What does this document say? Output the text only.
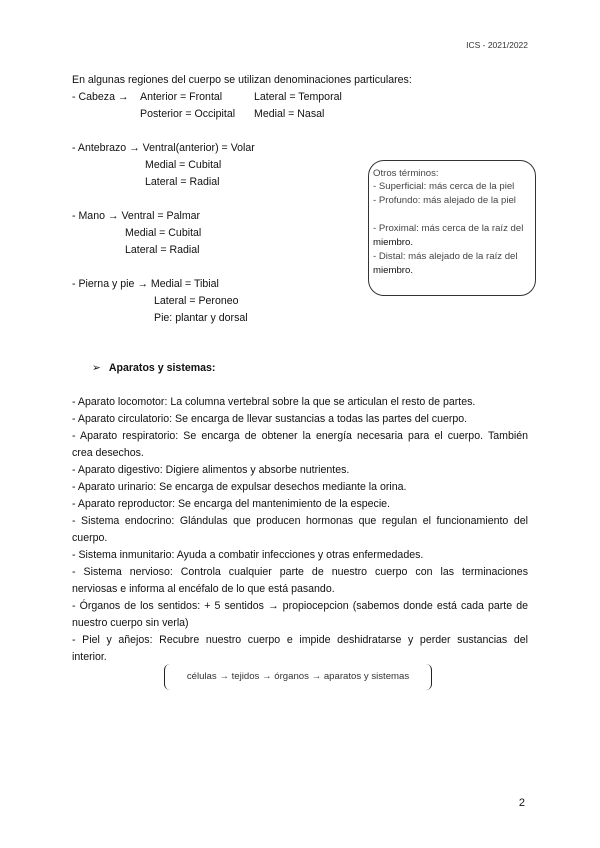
ICS - 2021/2022
En algunas regiones del cuerpo se utilizan denominaciones particulares:
- Cabeza → Anterior = Frontal	Lateral = Temporal
Posterior = Occipital Medial = Nasal
- Antebrazo → Ventral(anterior) = Volar
Medial = Cubital
Lateral = Radial
- Mano → Ventral = Palmar
Medial = Cubital
Lateral = Radial
- Pierna y pie → Medial = Tibial
Lateral = Peroneo
Pie: plantar y dorsal
Otros términos:
- Superficial: más cerca de la piel
- Profundo: más alejado de la piel
- Proximal: más cerca de la raíz del
miembro.
- Distal: más alejado de la raíz del
miembro.
➢ Aparatos y sistemas:
- Aparato locomotor: La columna vertebral sobre la que se articulan el resto de partes.
- Aparato circulatorio: Se encarga de llevar sustancias a todas las partes del cuerpo.
- Aparato respiratorio: Se encarga de obtener la energía necesaria para el cuerpo. También
crea desechos.
- Aparato digestivo: Digiere alimentos y absorbe nutrientes.
- Aparato urinario: Se encarga de expulsar desechos mediante la orina.
- Aparato reproductor: Se encarga del mantenimiento de la especie.
- Sistema endocrino: Glándulas que producen hormonas que regulan el funcionamiento del
cuerpo.
- Sistema inmunitario: Ayuda a combatir infecciones y otras enfermedades.
- Sistema nervioso: Controla cualquier parte de nuestro cuerpo con las terminaciones
nerviosas e informa al encéfalo de lo que está pasando.
- Órganos de los sentidos: + 5 sentidos → propiocepcion (sabemos donde está cada parte de
nuestro cuerpo sin verla)
- Piel y añejos: Recubre nuestro cuerpo e impide deshidratarse y perder sustancias del
interior.
células → tejidos → órganos → aparatos y sistemas
2
